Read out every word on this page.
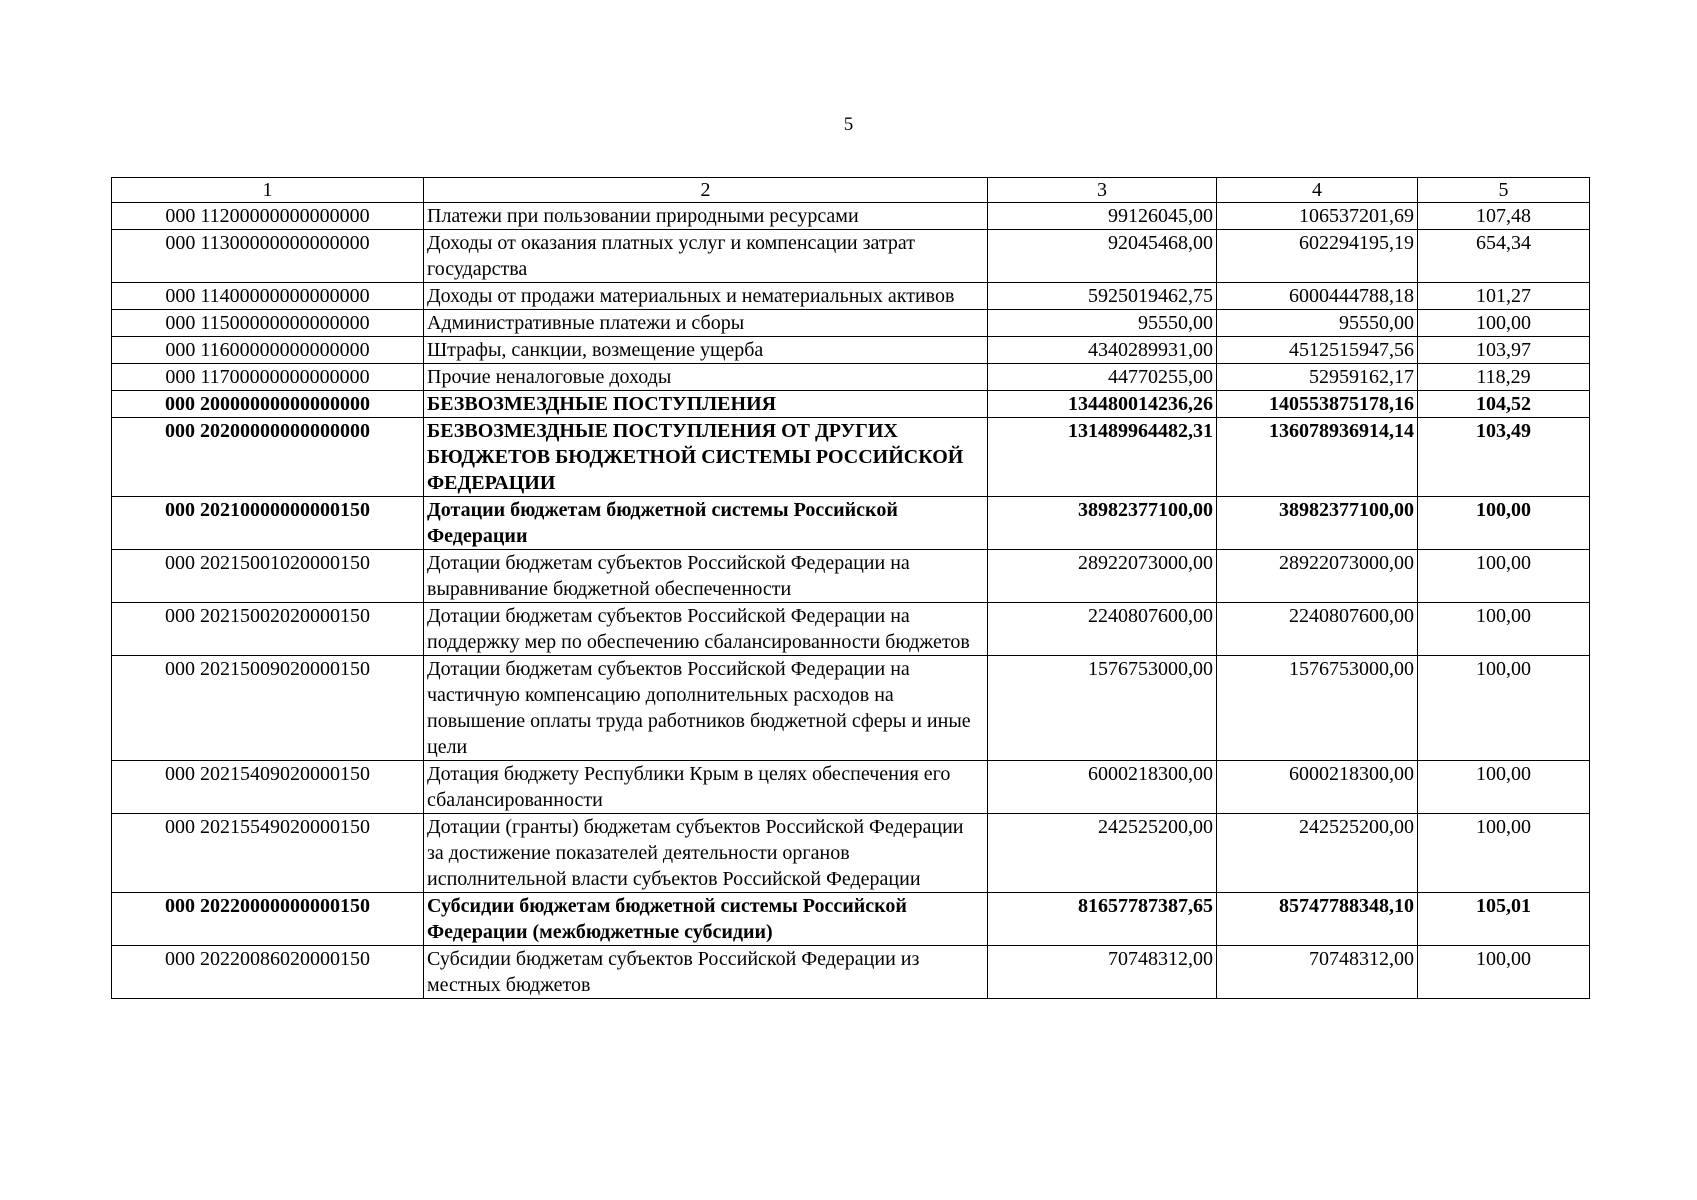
5
1	2	3	4	5
000 11200000000000000	Платежи при пользовании природными ресурсами	99126045,00	106537201,69	107,48
000 11300000000000000	Доходы от оказания платных услуг и компенсации затрат государства	92045468,00	602294195,19	654,34
000 11400000000000000	Доходы от продажи материальных и нематериальных активов	5925019462,75	6000444788,18	101,27
000 11500000000000000	Административные платежи и сборы	95550,00	95550,00	100,00
000 11600000000000000	Штрафы, санкции, возмещение ущерба	4340289931,00	4512515947,56	103,97
000 11700000000000000	Прочие неналоговые доходы	44770255,00	52959162,17	118,29
000 20000000000000000	БЕЗВОЗМЕЗДНЫЕ ПОСТУПЛЕНИЯ	134480014236,26	140553875178,16	104,52
000 20200000000000000	БЕЗВОЗМЕЗДНЫЕ ПОСТУПЛЕНИЯ ОТ ДРУГИХ БЮДЖЕТОВ БЮДЖЕТНОЙ СИСТЕМЫ РОССИЙСКОЙ ФЕДЕРАЦИИ	131489964482,31	136078936914,14	103,49
000 20210000000000150	Дотации бюджетам бюджетной системы Российской Федерации	38982377100,00	38982377100,00	100,00
000 20215001020000150	Дотации бюджетам субъектов Российской Федерации на выравнивание бюджетной обеспеченности	28922073000,00	28922073000,00	100,00
000 20215002020000150	Дотации бюджетам субъектов Российской Федерации на поддержку мер по обеспечению сбалансированности бюджетов	2240807600,00	2240807600,00	100,00
000 20215009020000150	Дотации бюджетам субъектов Российской Федерации на частичную компенсацию дополнительных расходов на повышение оплаты труда работников бюджетной сферы и иные цели	1576753000,00	1576753000,00	100,00
000 20215409020000150	Дотация бюджету Республики Крым в целях обеспечения его сбалансированности	6000218300,00	6000218300,00	100,00
000 20215549020000150	Дотации (гранты) бюджетам субъектов Российской Федерации за достижение показателей деятельности органов исполнительной власти субъектов Российской Федерации	242525200,00	242525200,00	100,00
000 20220000000000150	Субсидии бюджетам бюджетной системы Российской Федерации (межбюджетные субсидии)	81657787387,65	85747788348,10	105,01
000 20220086020000150	Субсидии бюджетам субъектов Российской Федерации из местных бюджетов	70748312,00	70748312,00	100,00
